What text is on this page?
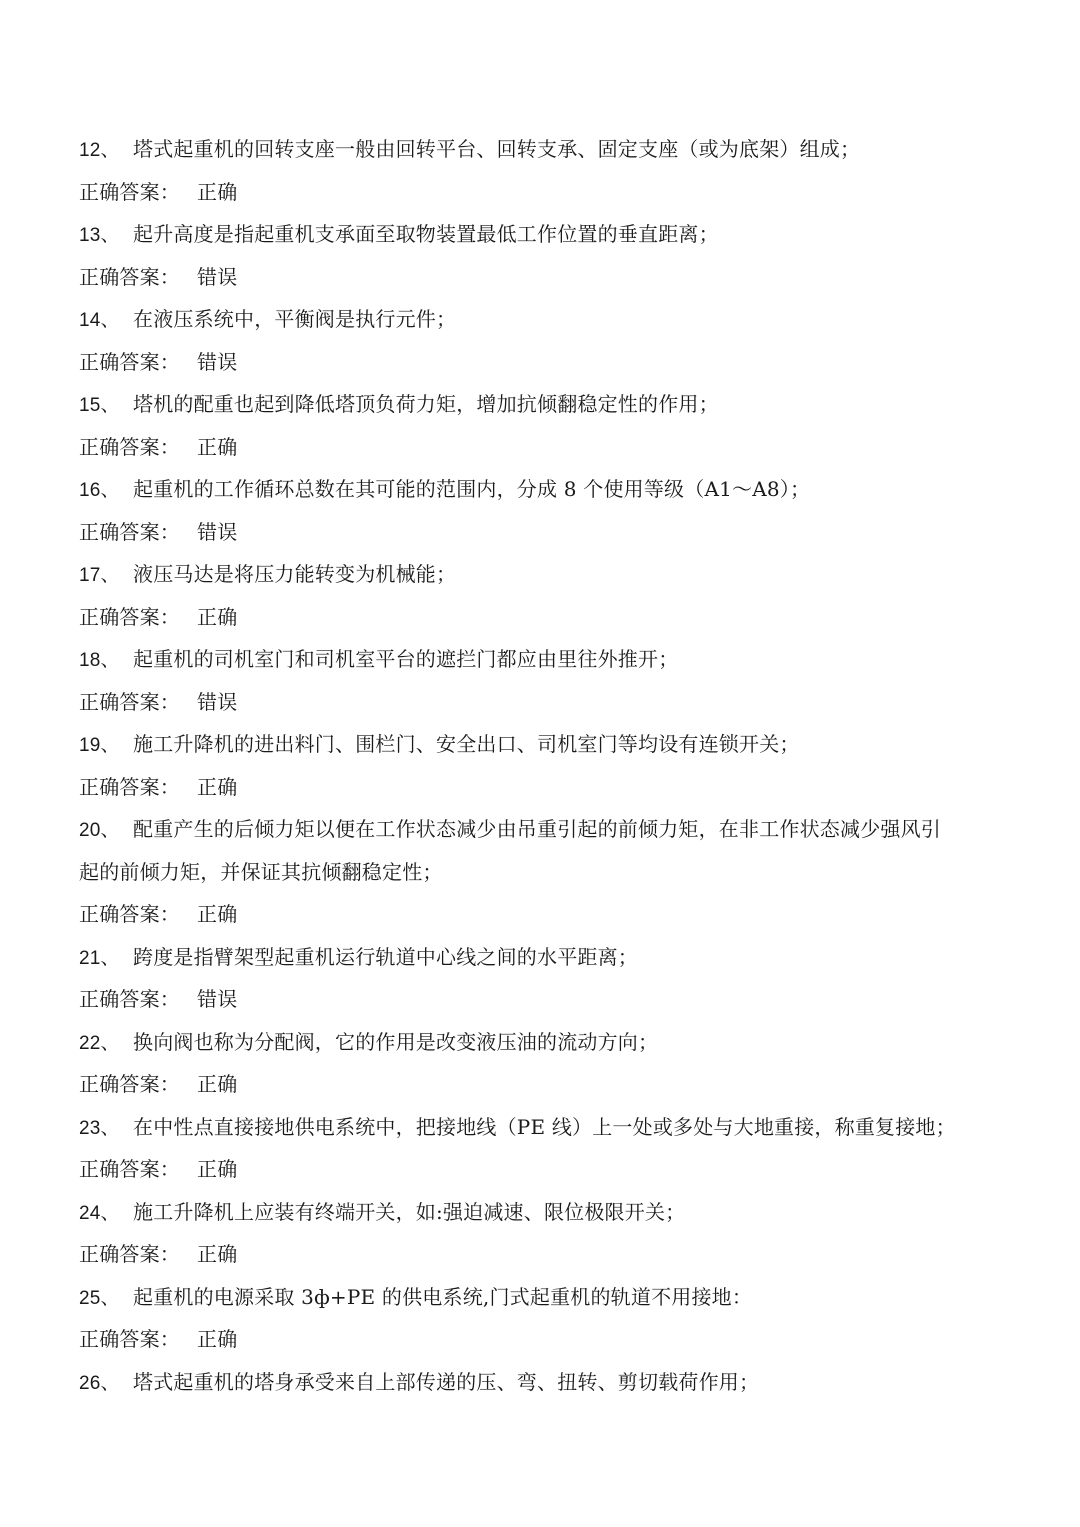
12、 塔式起重机的回转支座一般由回转平台、回转支承、固定支座（或为底架）组成；
正确答案： 正确
13、 起升高度是指起重机支承面至取物装置最低工作位置的垂直距离；
正确答案： 错误
14、 在液压系统中，平衡阀是执行元件；
正确答案： 错误
15、 塔机的配重也起到降低塔顶负荷力矩，增加抗倾翻稳定性的作用；
正确答案： 正确
16、 起重机的工作循环总数在其可能的范围内，分成 8 个使用等级（A1～A8）；
正确答案： 错误
17、 液压马达是将压力能转变为机械能；
正确答案： 正确
18、 起重机的司机室门和司机室平台的遮拦门都应由里往外推开；
正确答案： 错误
19、 施工升降机的进出料门、围栏门、安全出口、司机室门等均设有连锁开关；
正确答案： 正确
20、 配重产生的后倾力矩以便在工作状态减少由吊重引起的前倾力矩，在非工作状态减少强风引
起的前倾力矩，并保证其抗倾翻稳定性；
正确答案： 正确
21、 跨度是指臂架型起重机运行轨道中心线之间的水平距离；
正确答案： 错误
22、 换向阀也称为分配阀，它的作用是改变液压油的流动方向；
正确答案： 正确
23、 在中性点直接接地供电系统中，把接地线（PE 线）上一处或多处与大地重接，称重复接地；
正确答案： 正确
24、 施工升降机上应装有终端开关，如:强迫减速、限位极限开关；
正确答案： 正确
25、 起重机的电源采取 3ф+PE 的供电系统,门式起重机的轨道不用接地：
正确答案： 正确
26、 塔式起重机的塔身承受来自上部传递的压、弯、扭转、剪切载荷作用；
